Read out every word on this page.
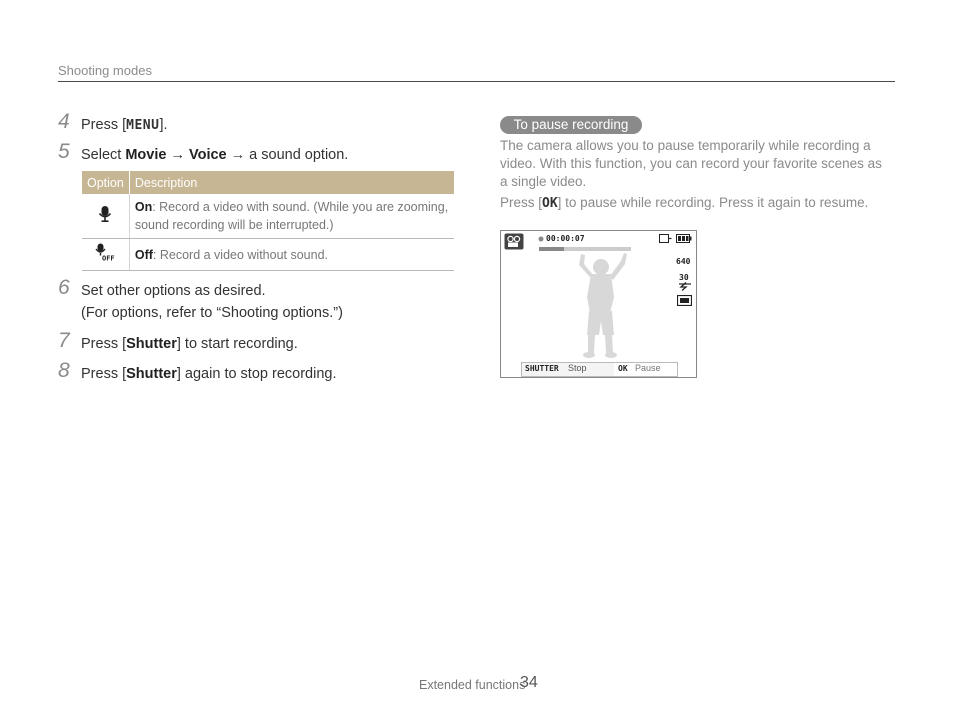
Shooting modes
4 Press [MENU].
5 Select Movie → Voice → a sound option.
Option	Description
	On: Record a video with sound. (While you are zooming, sound recording will be interrupted.)

OFF	Off: Record a video without sound.
6 Set other options as desired.
(For options, refer to “Shooting options.”)
7 Press [Shutter] to start recording.
8 Press [Shutter] again to stop recording.
To pause recording
The camera allows you to pause temporarily while recording a video. With this function, you can record your favorite scenes as a single video.
Press [OK] to pause while recording. Press it again to resume.
00:00:07
640
30
SHUTTER Stop	OK Pause
Extended functions
34
